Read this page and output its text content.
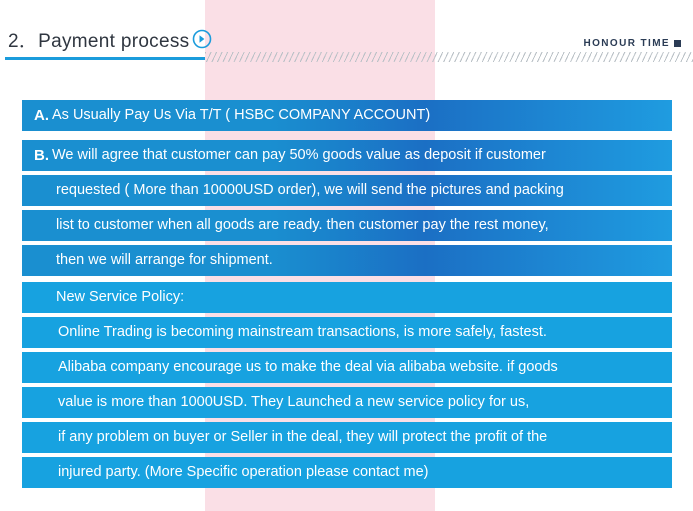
2．Payment process	HONOUR TIME
A. As Usually Pay Us Via T/T ( HSBC COMPANY ACCOUNT)
B. We will agree that customer can pay 50% goods value as deposit if customer
requested ( More than 10000USD order), we will send the pictures and packing
list to customer when all goods are ready. then customer pay the rest money,
then we will arrange for shipment.
New Service Policy:
Online Trading is becoming mainstream transactions, is more safely, fastest.
Alibaba company encourage us to make the deal via alibaba website. if goods
value is more than 1000USD. They Launched a new service policy for us,
if any problem on buyer or Seller in the deal, they will protect the profit of the
injured party. (More Specific operation please contact me)
